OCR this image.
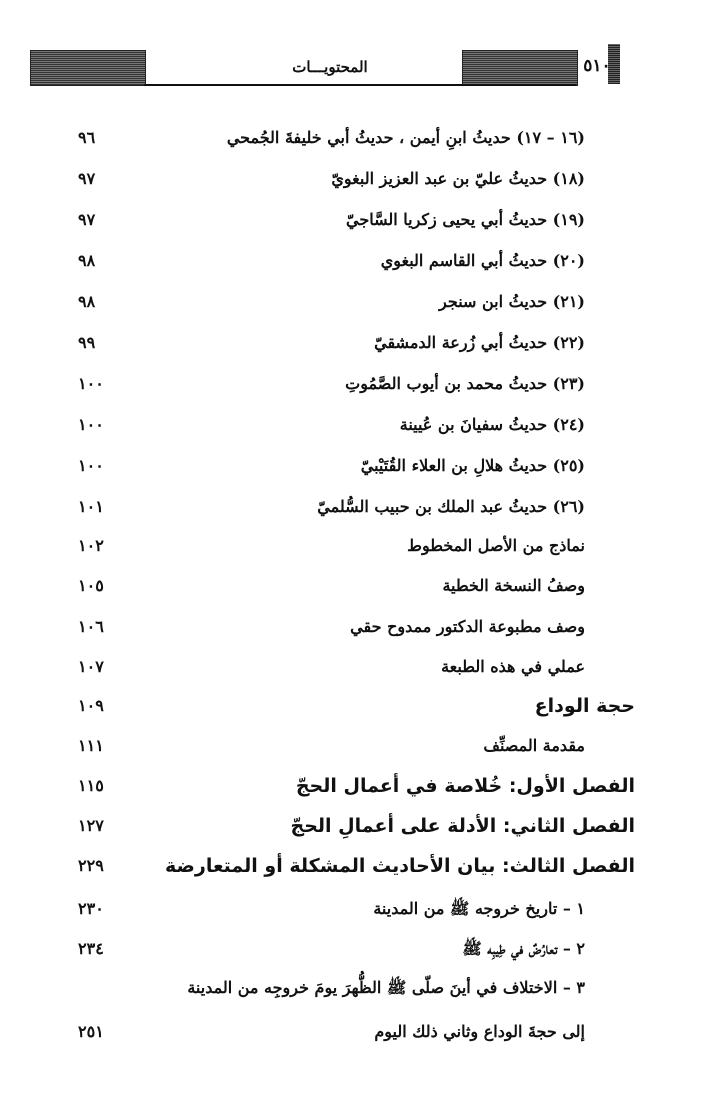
المحتويـــات	٥١٠
(١٦ – ١٧) حديثُ ابنِ أيمن ، حديثُ أبي خليفةَ الجُمحي
٩٦
(١٨) حديثُ عليّ بن عبد العزيز البغويّ
٩٧
(١٩) حديثُ أبي يحيى زكريا السَّاجيّ
٩٧
(٢٠) حديثُ أبي القاسم البغوي
٩٨
(٢١) حديثُ ابن سنجر
٩٨
(٢٢) حديثُ أبي زُرعة الدمشقيّ
٩٩
(٢٣) حديثُ محمد بن أيوب الصَّمُوتِ
١٠٠
(٢٤) حديثُ سفيانَ بن عُيينة
١٠٠
(٢٥) حديثُ هلالِ بن العلاء القُتَيْبيّ
١٠٠
(٢٦) حديثُ عبد الملك بن حبيب السُّلميّ
١٠١
نماذج من الأصل المخطوط
١٠٢
وصفُ النسخة الخطية
١٠٥
وصف مطبوعة الدكتور ممدوح حقي
١٠٦
عملي في هذه الطبعة
١٠٧
حجة الوداع
١٠٩
مقدمة المصنِّف
١١١
الفصل الأول: خُلاصة في أعمال الحجّ
١١٥
الفصل الثاني: الأدلة على أعمالِ الحجّ
١٢٧
الفصل الثالث: بيان الأحاديث المشكلة أو المتعارضة
٢٢٩
١ – تاريخ خروجه ﷺ من المدينة
٢٣٠
٢ – تعارُضٌ في طِيبِه ﷺ
٢٣٤
٣ – الاختلاف في أينَ صلّى ﷺ الظُّهرَ يومَ خروجِه من المدينة
إلى حجةَ الوداع وثاني ذلك اليوم
٢٥١
